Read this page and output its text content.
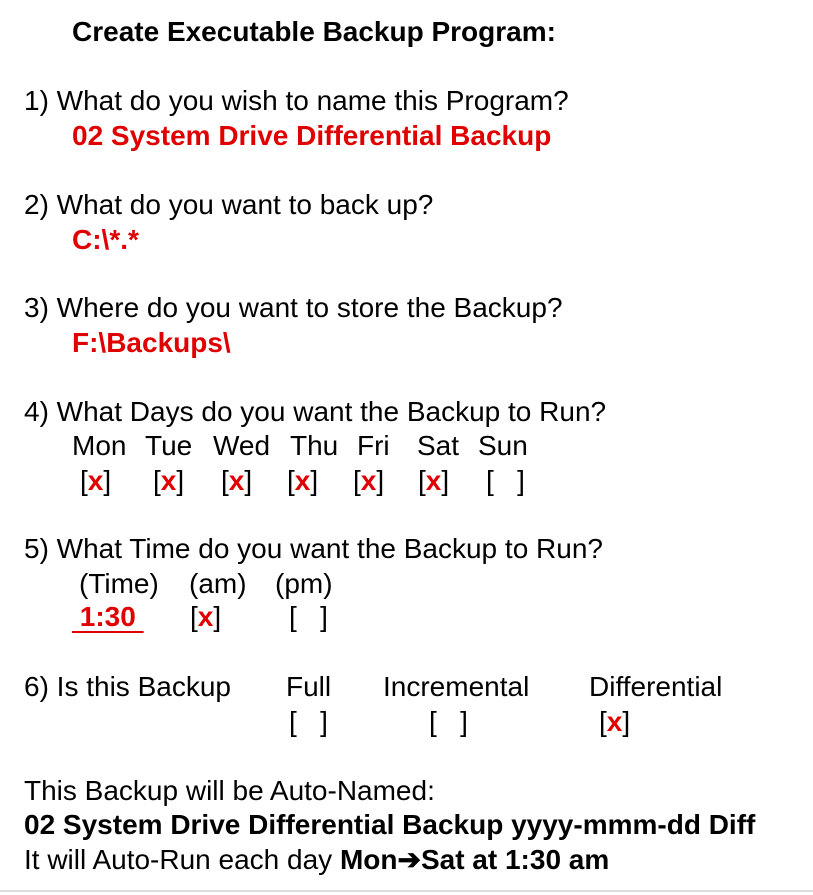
Create Executable Backup Program:
1) What do you wish to name this Program?
02 System Drive Differential Backup
2) What do you want to back up?
C:\*.*
3) Where do you want to store the Backup?
F:\Backups\
4) What Days do you want the Backup to Run?
Mon Tue Wed Thu Fri Sat Sun
[x] [x] [x] [x] [x] [x] [   ]
5) What Time do you want the Backup to Run?
(Time) (am) (pm)
1:30 [x] [   ]
6) Is this Backup Full Incremental Differential
[   ]	[   ]	[x]
This Backup will be Auto-Named:
02 System Drive Differential Backup yyyy-mmm-dd Diff
It will Auto-Run each day Mon➔Sat at 1:30 am
